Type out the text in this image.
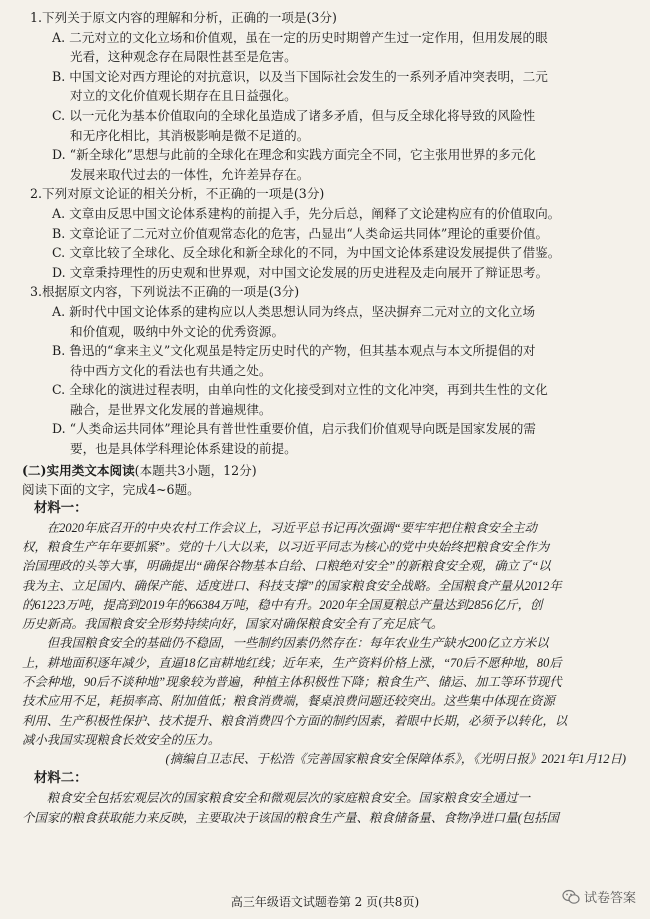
1.下列关于原文内容的理解和分析，正确的一项是(3分)
A. 二元对立的文化立场和价值观，虽在一定的历史时期曾产生过一定作用，但用发展的眼
光看，这种观念存在局限性甚至是危害。
B. 中国文论对西方理论的对抗意识，以及当下国际社会发生的一系列矛盾冲突表明，二元
对立的文化价值观长期存在且日益强化。
C. 以一元化为基本价值取向的全球化虽造成了诸多矛盾，但与反全球化将导致的风险性
和无序化相比，其消极影响是微不足道的。
D. “新全球化”思想与此前的全球化在理念和实践方面完全不同，它主张用世界的多元化
发展来取代过去的一体性，允许差异存在。
2.下列对原文论证的相关分析，不正确的一项是(3分)
A. 文章由反思中国文论体系建构的前提入手，先分后总，阐释了文论建构应有的价值取向。
B. 文章论证了二元对立价值观常态化的危害，凸显出“人类命运共同体”理论的重要价值。
C. 文章比较了全球化、反全球化和新全球化的不同，为中国文论体系建设发展提供了借鉴。
D. 文章秉持理性的历史观和世界观，对中国文论发展的历史进程及走向展开了辩证思考。
3.根据原文内容，下列说法不正确的一项是(3分)
A. 新时代中国文论体系的建构应以人类思想认同为终点，坚决摒弃二元对立的文化立场
和价值观，吸纳中外文论的优秀资源。
B. 鲁迅的“拿来主义”文化观虽是特定历史时代的产物，但其基本观点与本文所提倡的对
待中西方文化的看法也有共通之处。
C. 全球化的演进过程表明，由单向性的文化接受到对立性的文化冲突，再到共生性的文化
融合，是世界文化发展的普遍规律。
D. “人类命运共同体”理论具有普世性重要价值，启示我们价值观导向既是国家发展的需
要，也是具体学科理论体系建设的前提。
(二)实用类文本阅读(本题共3小题，12分)
阅读下面的文字，完成4~6题。
材料一：

在2020年底召开的中央农村工作会议上，习近平总书记再次强调“要牢牢把住粮食安全主动

权，粮食生产年年要抓紧”。党的十八大以来，以习近平同志为核心的党中央始终把粮食安全作为

治国理政的头等大事，明确提出“确保谷物基本自给、口粮绝对安全”的新粮食安全观，确立了“以

我为主、立足国内、确保产能、适度进口、科技支撑”的国家粮食安全战略。全国粮食产量从2012年

的61223万吨，提高到2019年的66384万吨，稳中有升。2020年全国夏粮总产量达到2856亿斤，创

历史新高。我国粮食安全形势持续向好，国家对确保粮食安全有了充足底气。

但我国粮食安全的基础仍不稳固，一些制约因素仍然存在：每年农业生产缺水200亿立方米以

上，耕地面积逐年减少，直逼18亿亩耕地红线；近年来，生产资料价格上涨，“70后不愿种地，80后

不会种地，90后不谈种地”现象较为普遍，种植主体积极性下降；粮食生产、储运、加工等环节现代

技术应用不足，耗损率高、附加值低；粮食消费端，餐桌浪费问题还较突出。这些集中体现在资源

利用、生产积极性保护、技术提升、粮食消费四个方面的制约因素，着眼中长期，必须予以转化，以

减小我国实现粮食长效安全的压力。

(摘编自卫志民、于松浩《完善国家粮食安全保障体系》，《光明日报》2021年1月12日)
材料二：

粮食安全包括宏观层次的国家粮食安全和微观层次的家庭粮食安全。国家粮食安全通过一

个国家的粮食获取能力来反映，主要取决于该国的粮食生产量、粮食储备量、食物净进口量(包括国

高三年级语文试题卷第 2 页(共8页)	试卷答案
